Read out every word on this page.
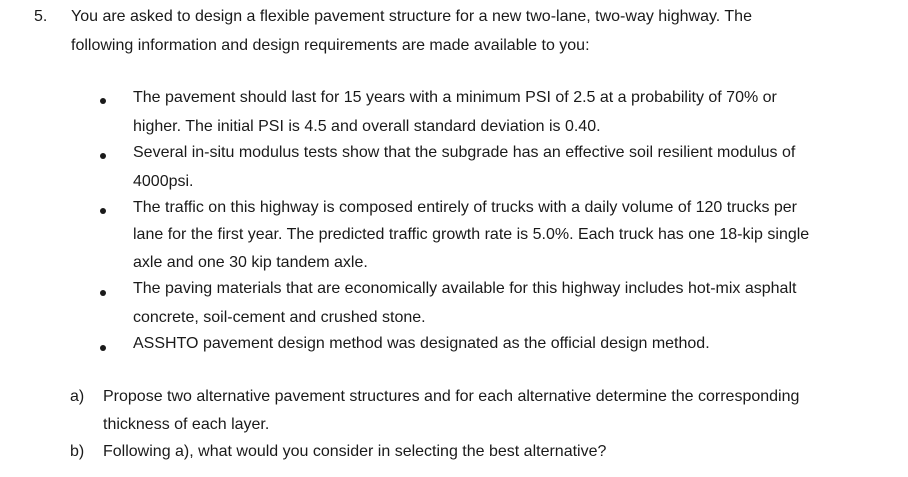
5. You are asked to design a flexible pavement structure for a new two-lane, two-way highway. The
following information and design requirements are made available to you:
The pavement should last for 15 years with a minimum PSI of 2.5 at a probability of 70% or
higher. The initial PSI is 4.5 and overall standard deviation is 0.40.
Several in-situ modulus tests show that the subgrade has an effective soil resilient modulus of
4000psi.
The traffic on this highway is composed entirely of trucks with a daily volume of 120 trucks per
lane for the first year. The predicted traffic growth rate is 5.0%. Each truck has one 18-kip single
axle and one 30 kip tandem axle.
The paving materials that are economically available for this highway includes hot-mix asphalt
concrete, soil-cement and crushed stone.
ASSHTO pavement design method was designated as the official design method.
a) Propose two alternative pavement structures and for each alternative determine the corresponding
thickness of each layer.
b) Following a), what would you consider in selecting the best alternative?
